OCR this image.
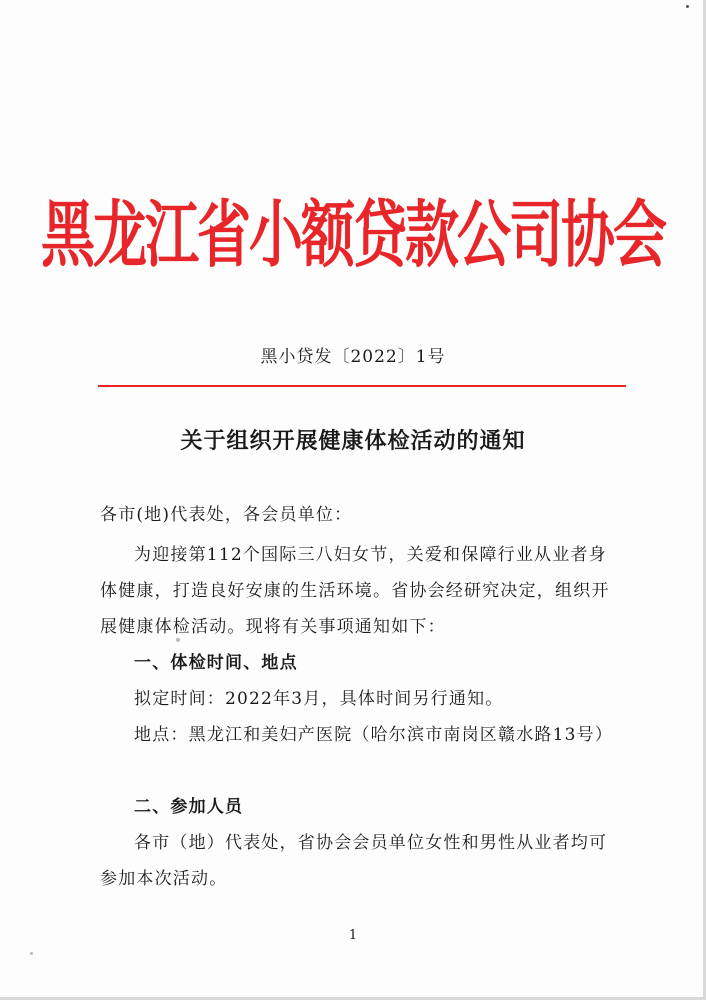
黑龙江省小额贷款公司协会
黑小贷发〔2022〕1号
关于组织开展健康体检活动的通知
各市(地)代表处，各会员单位：
为迎接第112个国际三八妇女节，关爱和保障行业从业者身体健康，打造良好安康的生活环境。省协会经研究决定，组织开展健康体检活动。现将有关事项通知如下：
一、体检时间、地点
拟定时间：2022年3月，具体时间另行通知。
地点：黑龙江和美妇产医院（哈尔滨市南岗区赣水路13号）
二、参加人员
各市（地）代表处，省协会会员单位女性和男性从业者均可参加本次活动。
1
